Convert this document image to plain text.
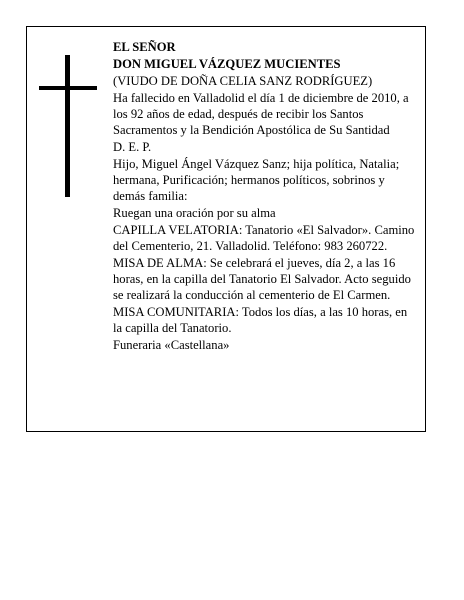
EL SEÑOR

DON MIGUEL VÁZQUEZ MUCIENTES

(VIUDO DE DOÑA CELIA SANZ RODRÍGUEZ)

Ha fallecido en Valladolid el día 1 de diciembre de 2010, a los 92 años de edad, después de recibir los Santos Sacramentos y la Bendición Apostólica de Su Santidad

D. E. P.

Hijo, Miguel Ángel Vázquez Sanz; hija política, Natalia; hermana, Purificación; hermanos políticos, sobrinos y demás familia:

Ruegan una oración por su alma

CAPILLA VELATORIA: Tanatorio «El Salvador». Camino del Cementerio, 21. Valladolid. Teléfono: 983 260722.

MISA DE ALMA: Se celebrará el jueves, día 2, a las 16 horas, en la capilla del Tanatorio El Salvador. Acto seguido se realizará la conducción al cementerio de El Carmen.

MISA COMUNITARIA: Todos los días, a las 10 horas, en la capilla del Tanatorio.

Funeraria «Castellana»
